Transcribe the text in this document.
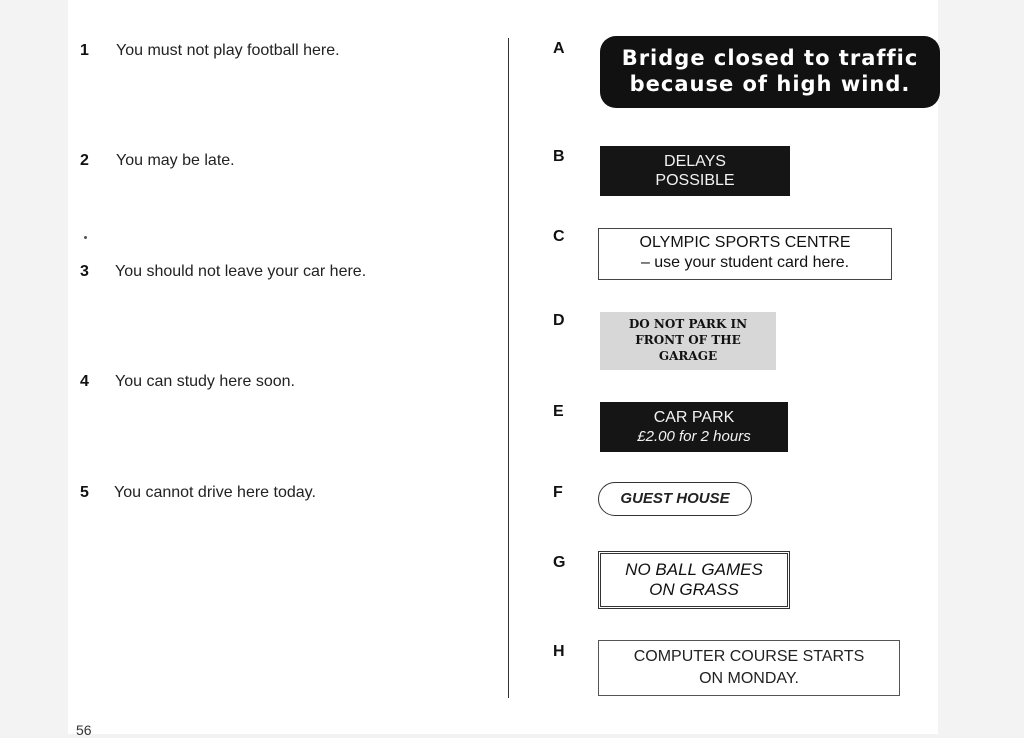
1 You must not play football here.
2 You may be late.
3 You should not leave your car here.
4 You can study here soon.
5 You cannot drive here today.
A
B
C
D
E
F
G
H
Bridge closed to traffic
because of high wind.
DELAYS
POSSIBLE
OLYMPIC SPORTS CENTRE
– use your student card here.
DO NOT PARK IN
FRONT OF THE
GARAGE
CAR PARK
£2.00 for 2 hours
GUEST HOUSE
NO BALL GAMES
ON GRASS
COMPUTER COURSE STARTS
ON MONDAY.
56
